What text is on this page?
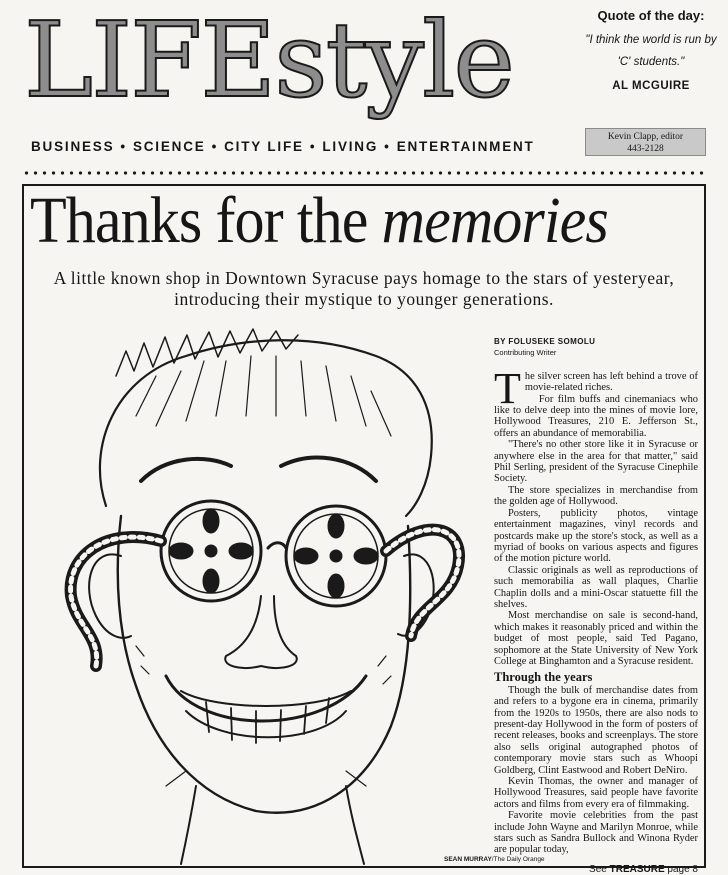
LIFEstyle	Quote of the day:
"I think the world is run by 'C' students."
AL MCGUIRE
BUSINESS • SCIENCE • CITY LIFE • LIVING • ENTERTAINMENT
Kevin Clapp, editor
443-2128
Thanks for the memories
A little known shop in Downtown Syracuse pays homage to the stars of yesteryear, introducing their mystique to younger generations.
SEAN MURRAY/The Daily Orange
BY FOLUSEKE SOMOLU
Contributing Writer

The silver screen has left behind a trove of movie-related riches.

For film buffs and cinemaniacs who like to delve deep into the mines of movie lore, Hollywood Treasures, 210 E. Jefferson St., offers an abundance of memorabilia.

"There's no other store like it in Syracuse or anywhere else in the area for that matter," said Phil Serling, president of the Syracuse Cinephile Society.

The store specializes in merchandise from the golden age of Hollywood.

Posters, publicity photos, vintage entertainment magazines, vinyl records and postcards make up the store's stock, as well as a myriad of books on various aspects and figures of the motion picture world.

Classic originals as well as reproductions of such memorabilia as wall plaques, Charlie Chaplin dolls and a mini-Oscar statuette fill the shelves.

Most merchandise on sale is second-hand, which makes it reasonably priced and within the budget of most people, said Ted Pagano, sophomore at the State University of New York College at Binghamton and a Syracuse resident.

Through the years

Though the bulk of merchandise dates from and refers to a bygone era in cinema, primarily from the 1920s to 1950s, there are also nods to present-day Hollywood in the form of posters of recent releases, books and screenplays. The store also sells original autographed photos of contemporary movie stars such as Whoopi Goldberg, Clint Eastwood and Robert DeNiro.

Kevin Thomas, the owner and manager of Hollywood Treasures, said people have favorite actors and films from every era of filmmaking.

Favorite movie celebrities from the past include John Wayne and Marilyn Monroe, while stars such as Sandra Bullock and Winona Ryder are popular today,

See TREASURE page 8
